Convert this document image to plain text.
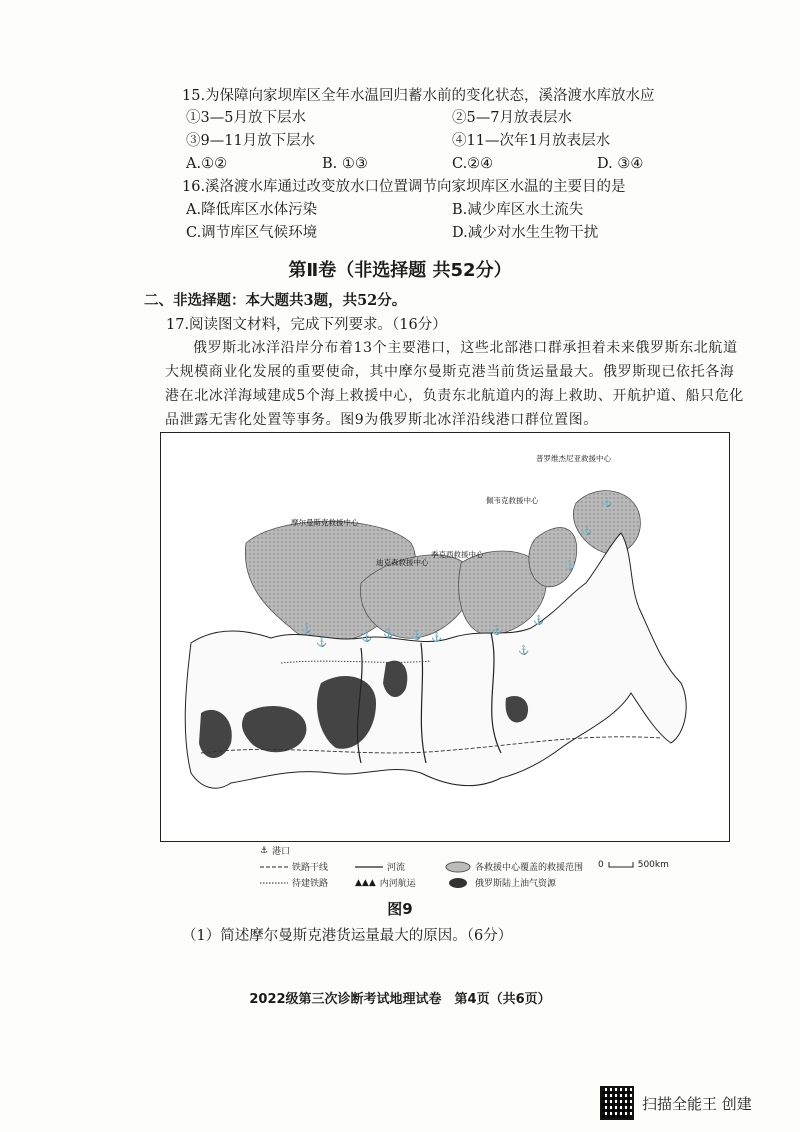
15.为保障向家坝库区全年水温回归蓄水前的变化状态，溪洛渡水库放水应
①3—5月放下层水	②5—7月放表层水
③9—11月放下层水	④11—次年1月放表层水
A.①②	B. ①③	C.②④	D. ③④
16.溪洛渡水库通过改变放水口位置调节向家坝库区水温的主要目的是
A.降低库区水体污染	B.减少库区水土流失
C.调节库区气候环境	D.减少对水生生物干扰
第Ⅱ卷（非选择题 共52分）
二、非选择题：本大题共3题，共52分。
17.阅读图文材料，完成下列要求。（16分）
俄罗斯北冰洋沿岸分布着13个主要港口，这些北部港口群承担着未来俄罗斯东北航道大规模商业化发展的重要使命，其中摩尔曼斯克港当前货运量最大。俄罗斯现已依托各海港在北冰洋海域建成5个海上救援中心，负责东北航道内的海上救助、开航护道、船只危化品泄露无害化处置等事务。图9为俄罗斯北冰洋沿线港口群位置图。
⚓
⚓	⚓ ⚓ ⚓ ⚓
⚓
⚓
⚓
⚓
⚓
⚓
摩尔曼斯克救援中心
迪克森救援中心
季克西救援中心
佩韦克救援中心
普罗维杰尼亚救援中心
⚓ 港口
铁路干线
待建铁路
河流
▲▲▲ 内河航运
各救援中心覆盖的救援范围
俄罗斯陆上油气资源
0	500km
图9
（1）简述摩尔曼斯克港货运量最大的原因。（6分）
2022级第三次诊断考试地理试卷　第4页（共6页）
扫描全能王 创建
